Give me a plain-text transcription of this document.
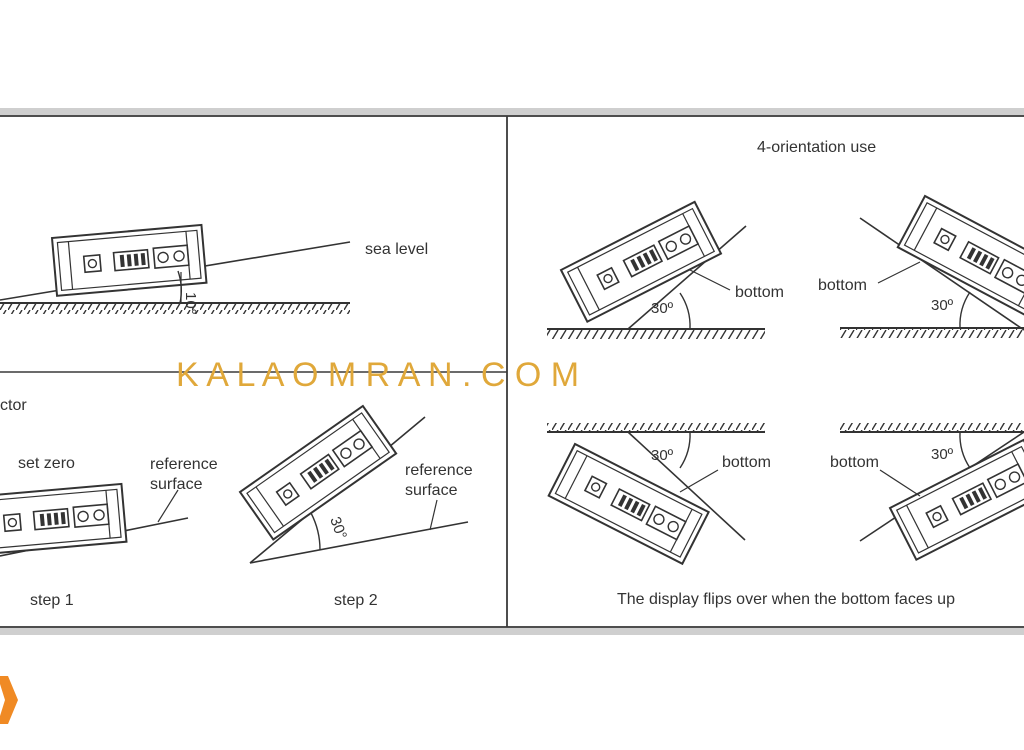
10°
sea level
ctor
set zero	reference
surface
step 1
30°
reference
surface
step 2
4-orientation use
30º
bottom
30º
bottom
30º	bottom	30º
bottom
The display flips over when the bottom faces up
K A L A O M R A N . C O M
